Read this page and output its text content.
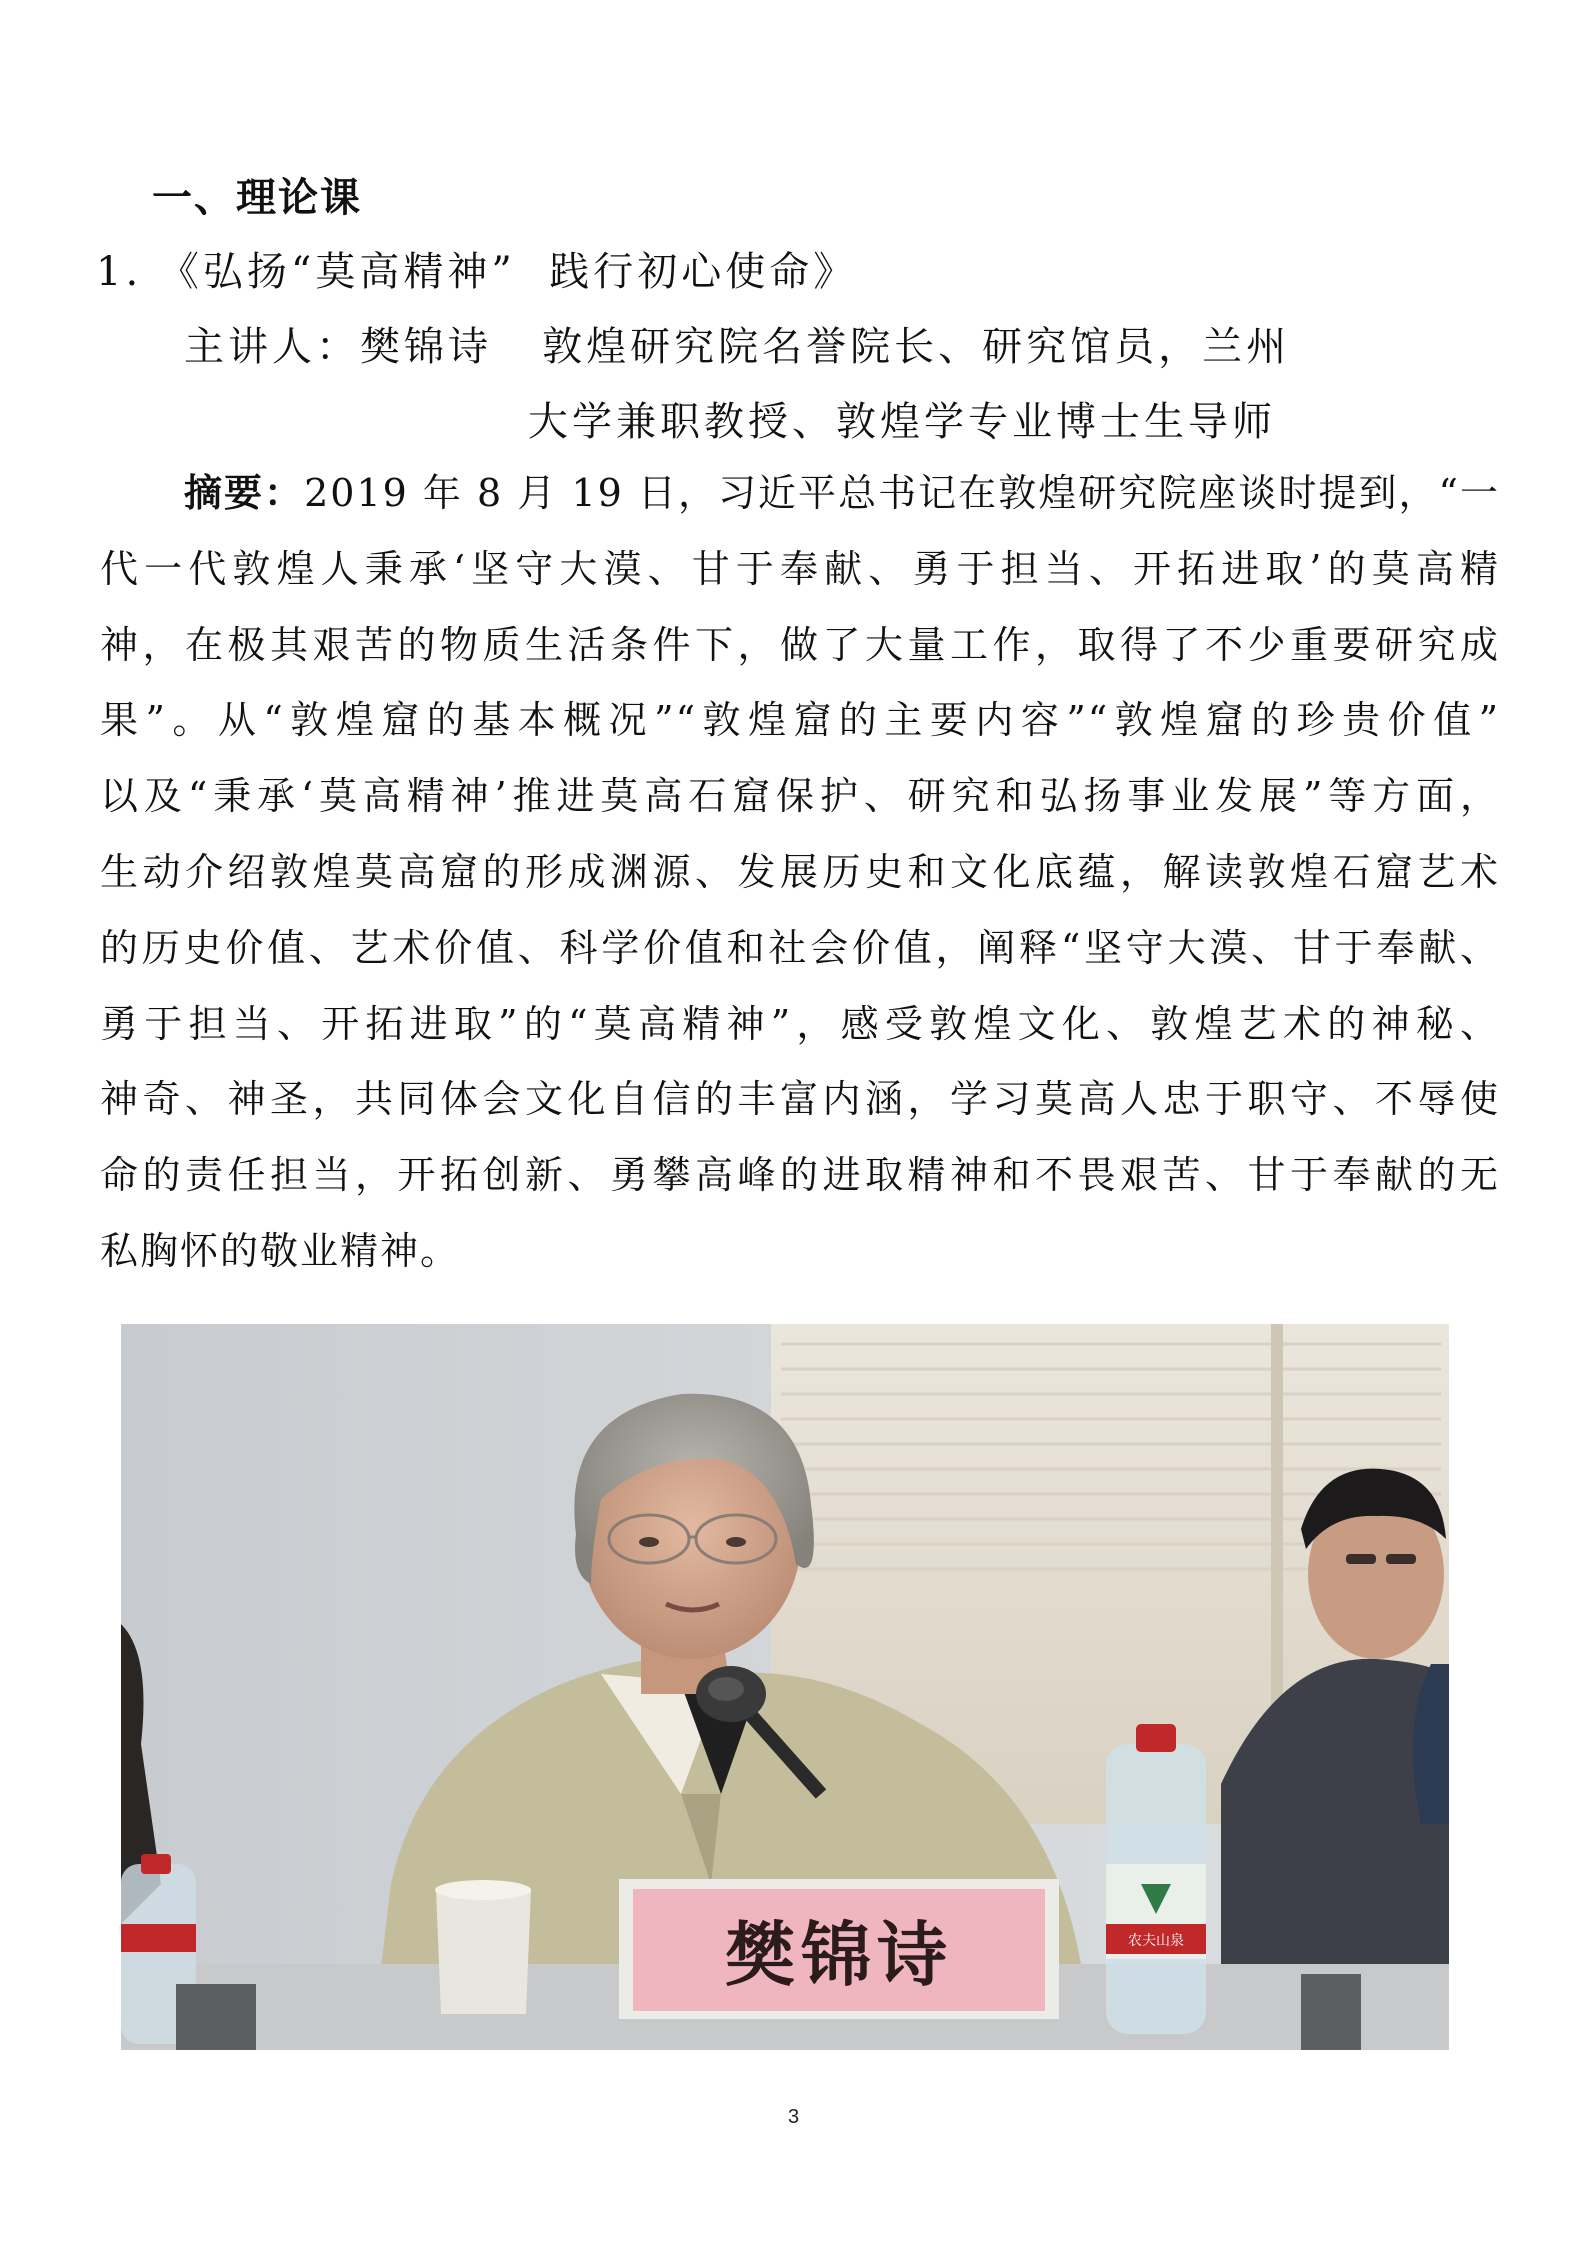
一、理论课
1. 《弘扬“莫高精神”  践行初心使命》
主讲人：樊锦诗 敦煌研究院名誉院长、研究馆员，兰州
大学兼职教授、敦煌学专业博士生导师
摘要：2019 年 8 月 19 日，习近平总书记在敦煌研究院座谈时提到，“一
代一代敦煌人秉承‘坚守大漠、甘于奉献、勇于担当、开拓进取’的莫高精
神，在极其艰苦的物质生活条件下，做了大量工作，取得了不少重要研究成
果”。从“敦煌窟的基本概况”“敦煌窟的主要内容”“敦煌窟的珍贵价值”
以及“秉承‘莫高精神’推进莫高石窟保护、研究和弘扬事业发展”等方面，
生动介绍敦煌莫高窟的形成渊源、发展历史和文化底蕴，解读敦煌石窟艺术
的历史价值、艺术价值、科学价值和社会价值，阐释“坚守大漠、甘于奉献、
勇于担当、开拓进取”的“莫高精神”，感受敦煌文化、敦煌艺术的神秘、
神奇、神圣，共同体会文化自信的丰富内涵，学习莫高人忠于职守、不辱使
命的责任担当，开拓创新、勇攀高峰的进取精神和不畏艰苦、甘于奉献的无
私胸怀的敬业精神。
樊锦诗	农夫山泉
3
